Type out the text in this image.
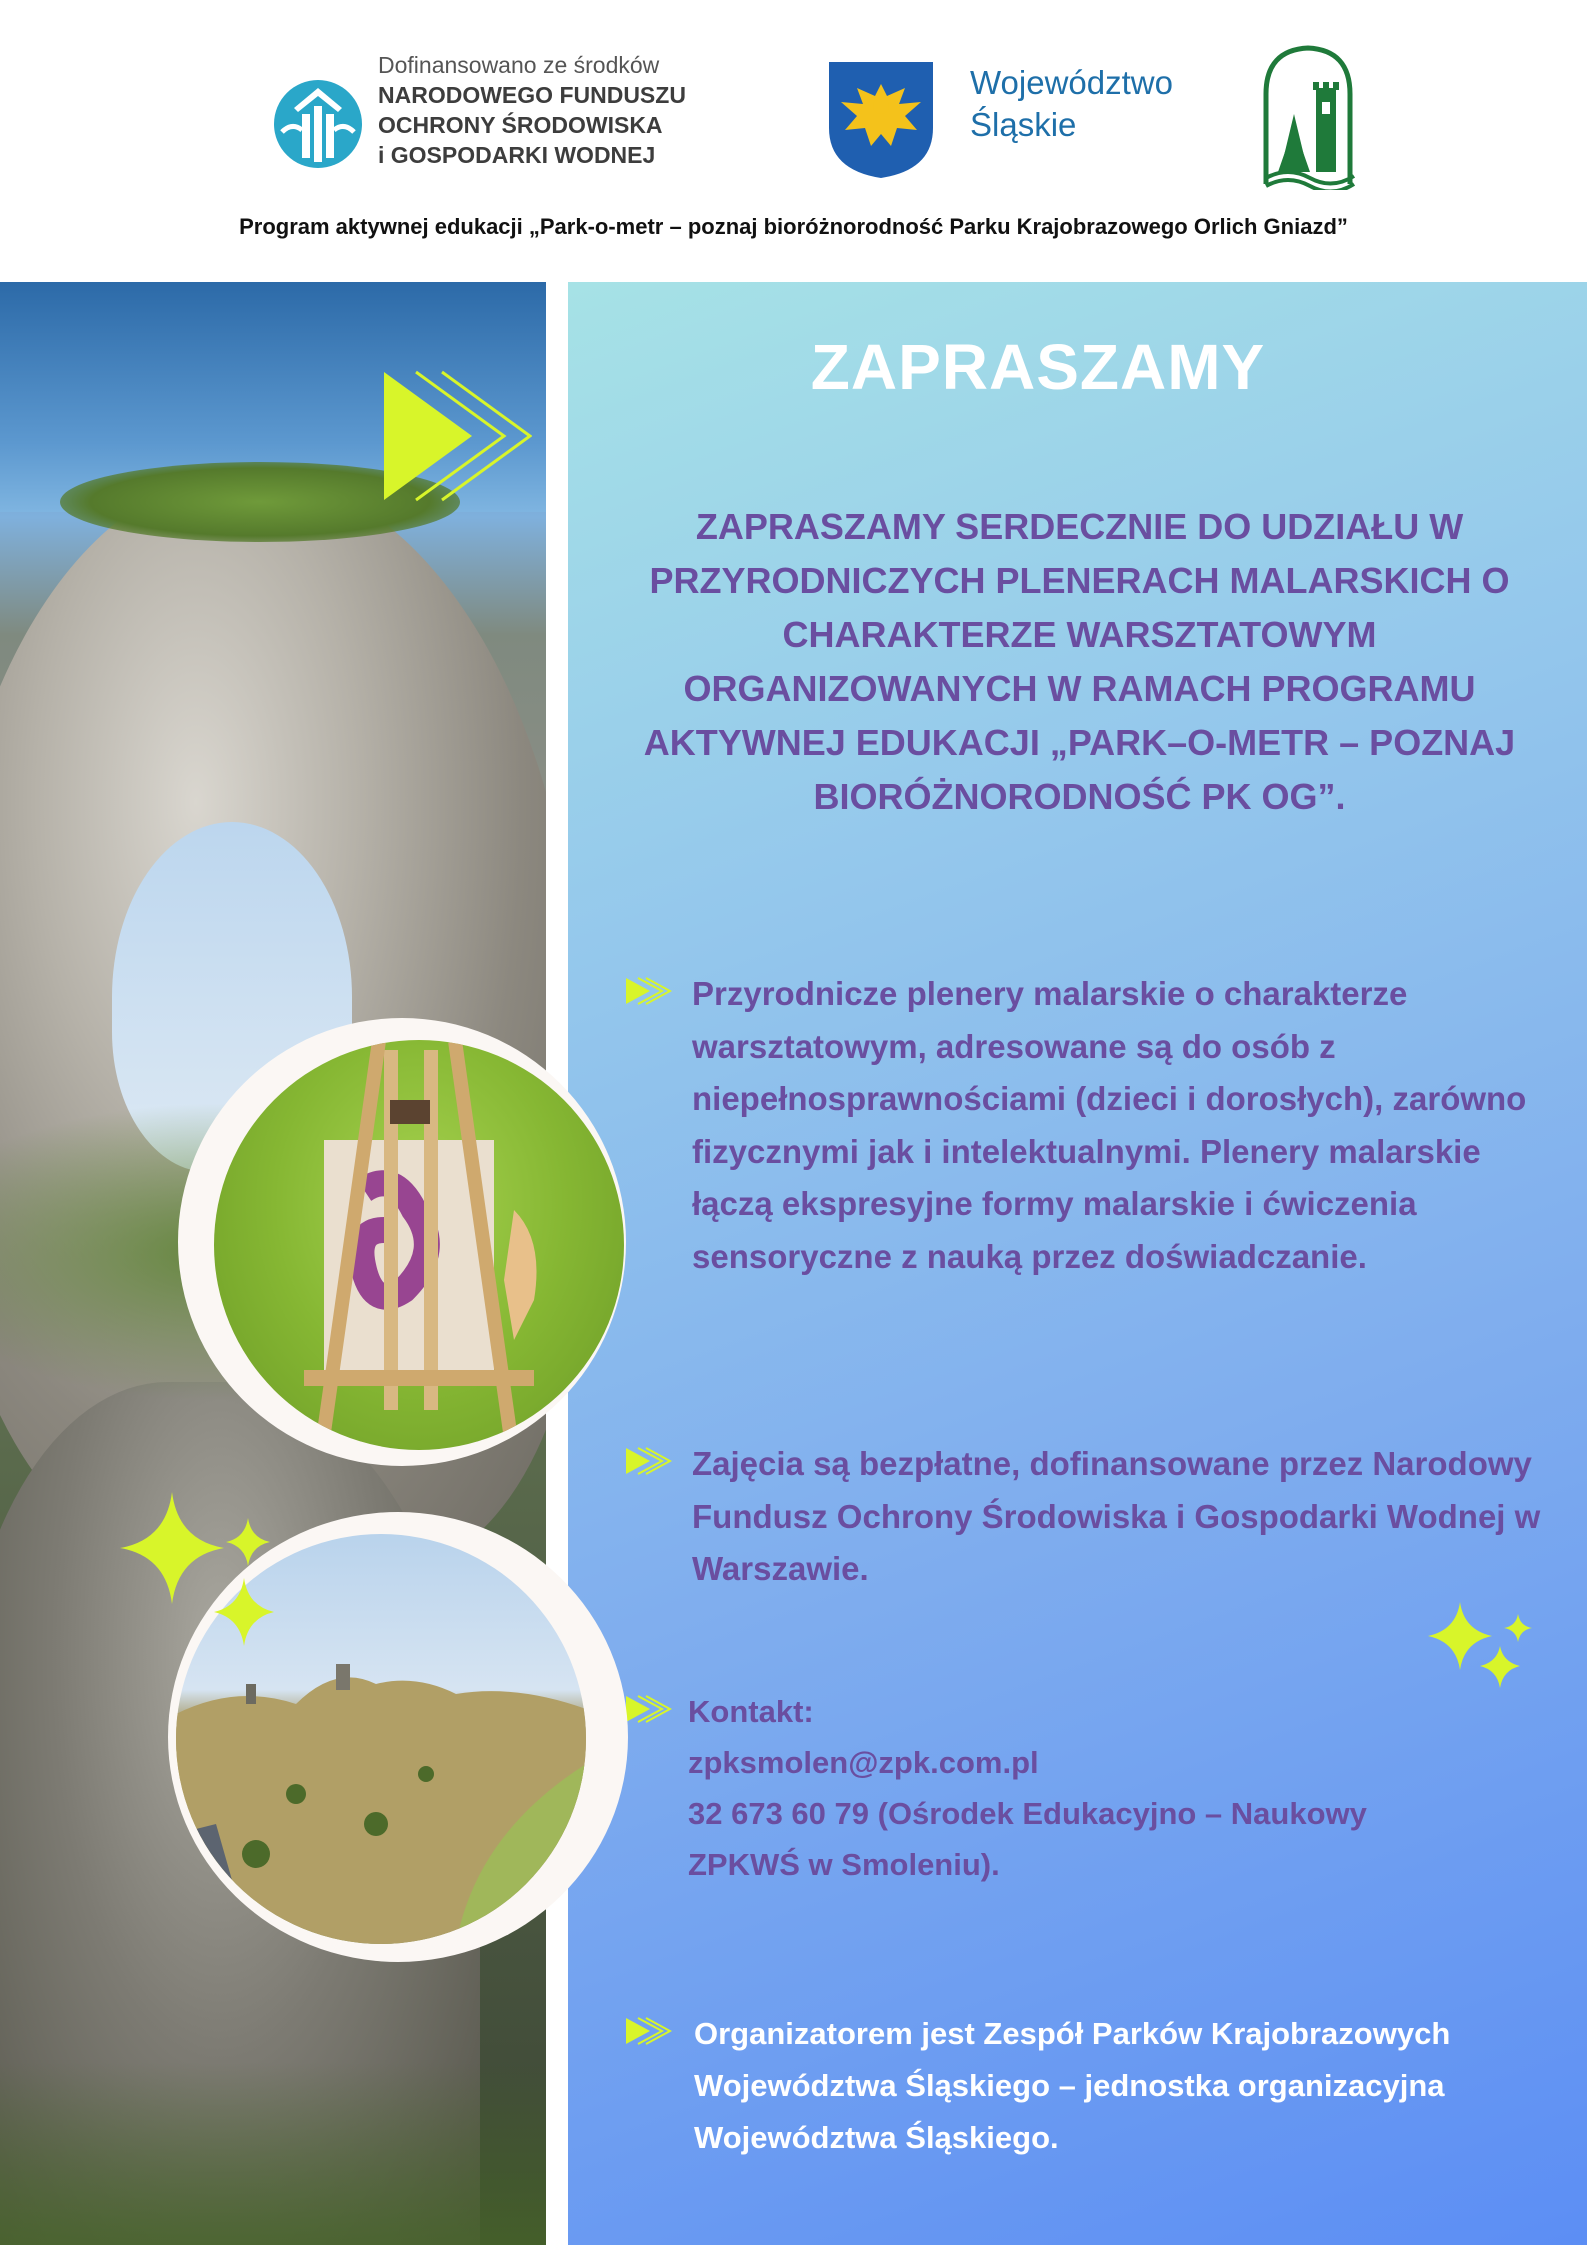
Dofinansowano ze środków
NARODOWEGO FUNDUSZU
OCHRONY ŚRODOWISKA
i GOSPODARKI WODNEJ
Województwo
Śląskie
Program aktywnej edukacji „Park-o-metr – poznaj bioróżnorodność Parku Krajobrazowego Orlich Gniazd”
ZAPRASZAMY
ZAPRASZAMY SERDECZNIE DO UDZIAŁU W PRZYRODNICZYCH PLENERACH MALARSKICH O CHARAKTERZE WARSZTATOWYM ORGANIZOWANYCH W RAMACH PROGRAMU AKTYWNEJ EDUKACJI „PARK–O-METR – POZNAJ BIORÓŻNORODNOŚĆ PK OG”.
Przyrodnicze plenery malarskie o charakterze warsztatowym, adresowane są do osób z niepełnosprawnościami (dzieci i dorosłych), zarówno fizycznymi jak i intelektualnymi. Plenery malarskie łączą ekspresyjne formy malarskie i ćwiczenia sensoryczne z nauką przez doświadczanie.
Zajęcia są bezpłatne, dofinansowane przez Narodowy Fundusz Ochrony Środowiska i Gospodarki Wodnej w Warszawie.
Kontakt:
zpksmolen@zpk.com.pl
32 673 60 79 (Ośrodek Edukacyjno – Naukowy ZPKWŚ w Smoleniu).
Organizatorem jest Zespół Parków Krajobrazowych Województwa Śląskiego – jednostka organizacyjna Województwa Śląskiego.
